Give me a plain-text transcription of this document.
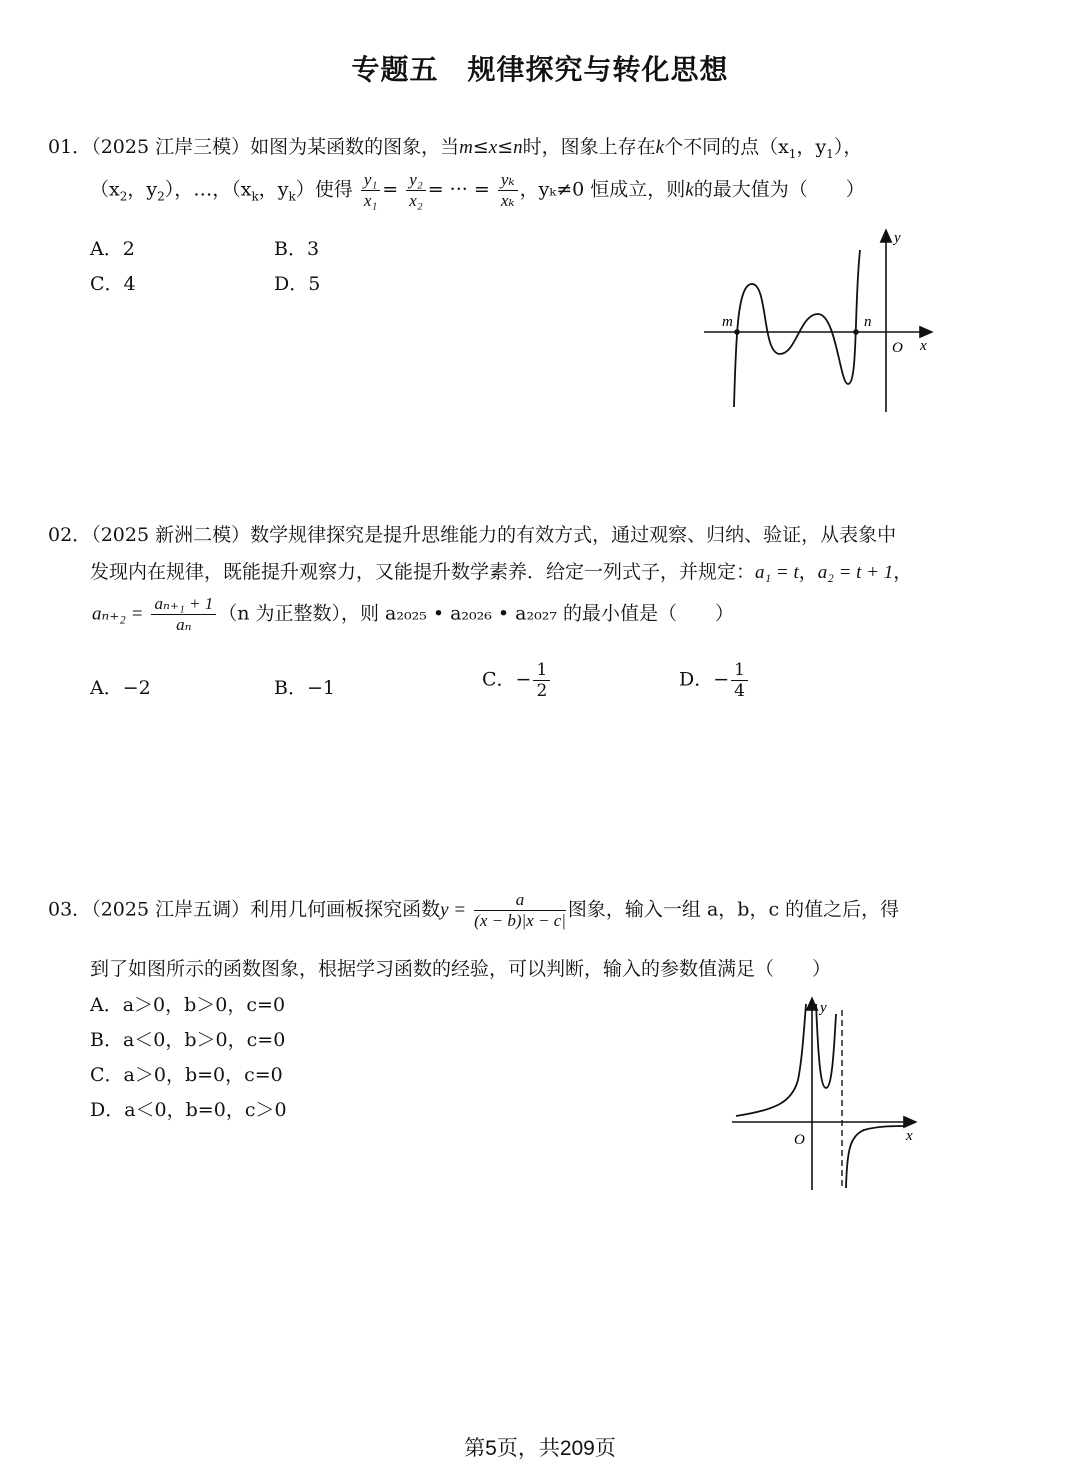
专题五　规律探究与转化思想
01．（2025 江岸三模）如图为某函数的图象，当m≤x≤n时，图象上存在k个不同的点（$x_1$，$y_1$），
（$x_2$，$y_2$），…，（$x_k$，$y_k$）使得 $\frac{\text{y₁}}{\text{x₁}} = \frac{\text{y₂}}{\text{x₂}}$ = ··· = $\frac{\text{yₖ}}{\text{xₖ}}$ ，yₖ≠0 恒成立，则k的最大值为（　　）
A．2	B．3
C．4	D．5
m	n
O x
y
02．（2025 新洲二模）数学规律探究是提升思维能力的有效方式，通过观察、归纳、验证，从表象中
发现内在规律，既能提升观察力，又能提升数学素养．给定一列式子，并规定：a₁ = t，a₂ = t + 1，
$a_{n+2} = \frac{\text{aₙ₊₁ + 1}}{\text{aₙ}} (n$ 为正整数），则 a₂₀₂₅ • a₂₀₂₆ • a₂₀₂₇ 的最小值是（　　）
A．−2	B．−1	C．− $\frac{1}{2}$	D．− $\frac{1}{4}$
03．（2025 江岸五调）利用几何画板探究函数$y = \frac{a}{(x - b)|x - c|}$ 图象，输入一组 a，b，c 的值之后，得
到了如图所示的函数图象，根据学习函数的经验，可以判断，输入的参数值满足（　　）
A．a＞0，b＞0，c=0
B．a＜0，b＞0，c=0
C．a＞0，b=0，c=0
D．a＜0，b=0，c＞0
O	x
y
第5页，共209页
